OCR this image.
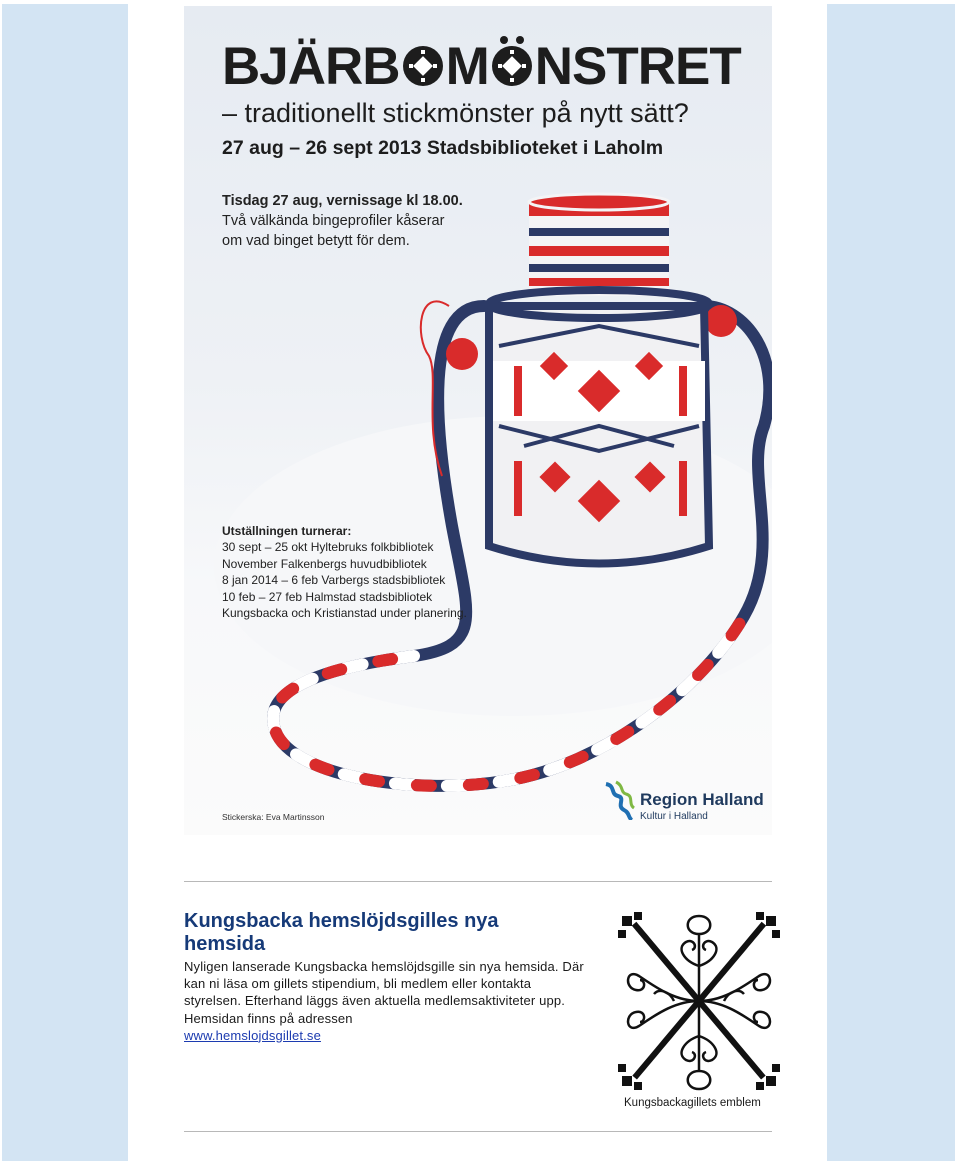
BJÄRB M NSTRET
– traditionellt stickmönster på nytt sätt?
27 aug – 26 sept 2013 Stadsbiblioteket i Laholm
Tisdag 27 aug, vernissage kl 18.00.
Två välkända bingeprofiler kåserar
om vad binget betytt för dem.
Utställningen turnerar:
30 sept – 25 okt Hyltebruks folkbibliotek
November Falkenbergs huvudbibliotek
8 jan 2014 – 6 feb Varbergs stadsbibliotek
10 feb – 27 feb Halmstad stadsbibliotek
Kungsbacka och Kristianstad under planering.
Stickerska: Eva Martinsson
Region Halland
Kultur i Halland
Kungsbacka hemslöjdsgilles nya hemsida
Nyligen lanserade Kungsbacka hemslöjdsgille sin nya hemsida. Där kan ni läsa om gillets stipendium, bli medlem eller kontakta styrelsen. Efterhand läggs även aktuella medlemsaktiviteter upp. Hemsidan finns på adressen
www.hemslojdsgillet.se
Kungsbackagillets emblem
